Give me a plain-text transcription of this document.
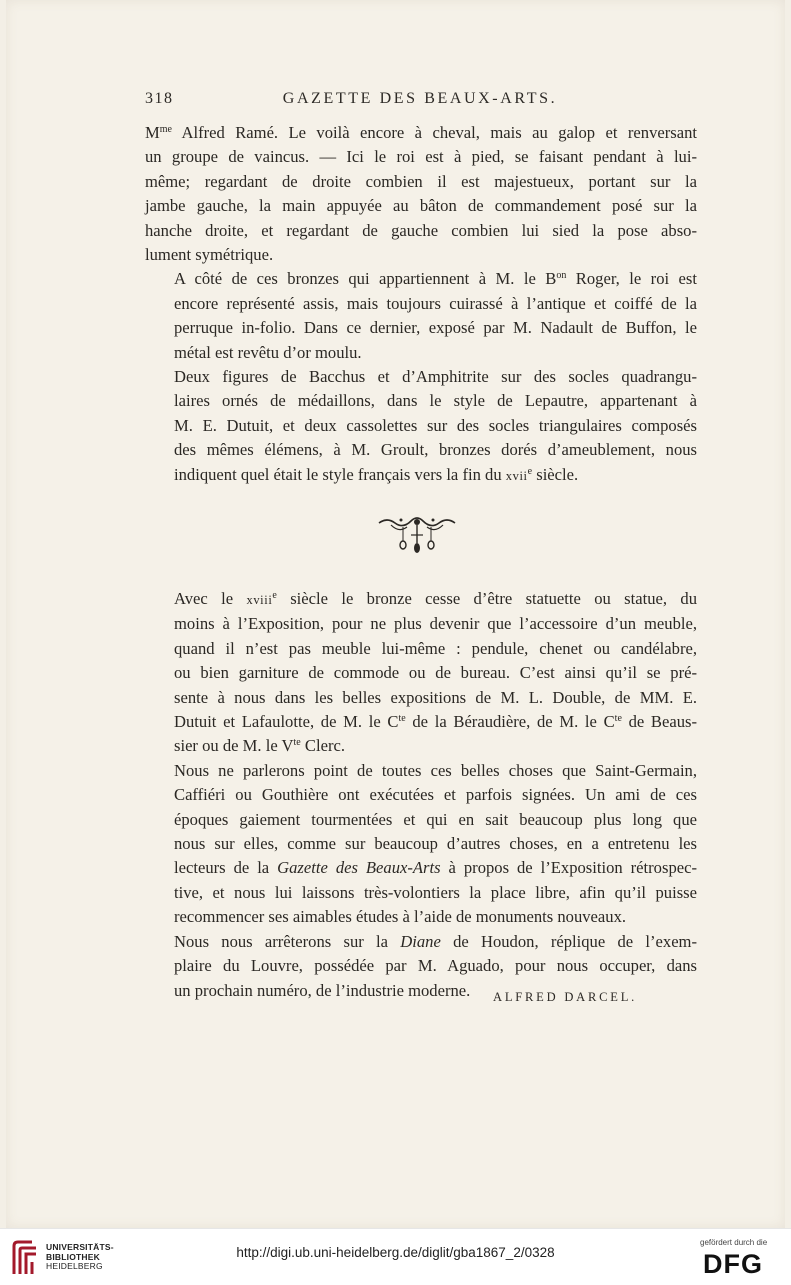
318	GAZETTE DES BEAUX-ARTS.

$M^{me}$ Alfred Ramé. Le voilà encore à cheval, mais au galop et renversant
un groupe de vaincus. — Ici le roi est à pied, se faisant pendant à lui-
même; regardant de droite combien il est majestueux, portant sur la
jambe gauche, la main appuyée au bâton de commandement posé sur la
hanche droite, et regardant de gauche combien lui sied la pose abso-
lument symétrique.

A côté de ces bronzes qui appartiennent à M. le $B^{on}$ Roger, le roi est
encore représenté assis, mais toujours cuirassé à l’antique et coiffé de la
perruque in-folio. Dans ce dernier, exposé par M. Nadault de Buffon, le
métal est revêtu d’or moulu.

Deux figures de Bacchus et d’Amphitrite sur des socles quadrangu-
laires ornés de médaillons, dans le style de Lepautre, appartenant à
M. E. Dutuit, et deux cassolettes sur des socles triangulaires composés
des mêmes élémens, à M. Groult, bronzes dorés d’ameublement, nous
indiquent quel était le style français vers la fin du xvii$^e$ siècle.

Avec le xviii$^e$ siècle le bronze cesse d’être statuette ou statue, du
moins à l’Exposition, pour ne plus devenir que l’accessoire d’un meuble,
quand il n’est pas meuble lui-même : pendule, chenet ou candélabre,
ou bien garniture de commode ou de bureau. C’est ainsi qu’il se pré-
sente à nous dans les belles expositions de M. L. Double, de MM. E.
Dutuit et Lafaulotte, de M. le $C^{te}$ de la Béraudière, de M. le $C^{te}$ de Beaus-
sier ou de M. le $V^{te}$ Clerc.

Nous ne parlerons point de toutes ces belles choses que Saint-Germain,
Caffiéri ou Gouthière ont exécutées et parfois signées. Un ami de ces
époques gaiement tourmentées et qui en sait beaucoup plus long que
nous sur elles, comme sur beaucoup d’autres choses, en a entretenu les
lecteurs de la Gazette des Beaux-Arts à propos de l’Exposition rétrospec-
tive, et nous lui laissons très-volontiers la place libre, afin qu’il puisse
recommencer ses aimables études à l’aide de monuments nouveaux.

Nous nous arrêterons sur la Diane de Houdon, réplique de l’exem-
plaire du Louvre, possédée par M. Aguado, pour nous occuper, dans
un prochain numéro, de l’industrie moderne.	ALFRED DARCEL.
UNIVERSITÄTS-
BIBLIOTHEK
HEIDELBERG
http://digi.ub.uni-heidelberg.de/diglit/gba1867_2/0328
gefördert durch die
DFG
